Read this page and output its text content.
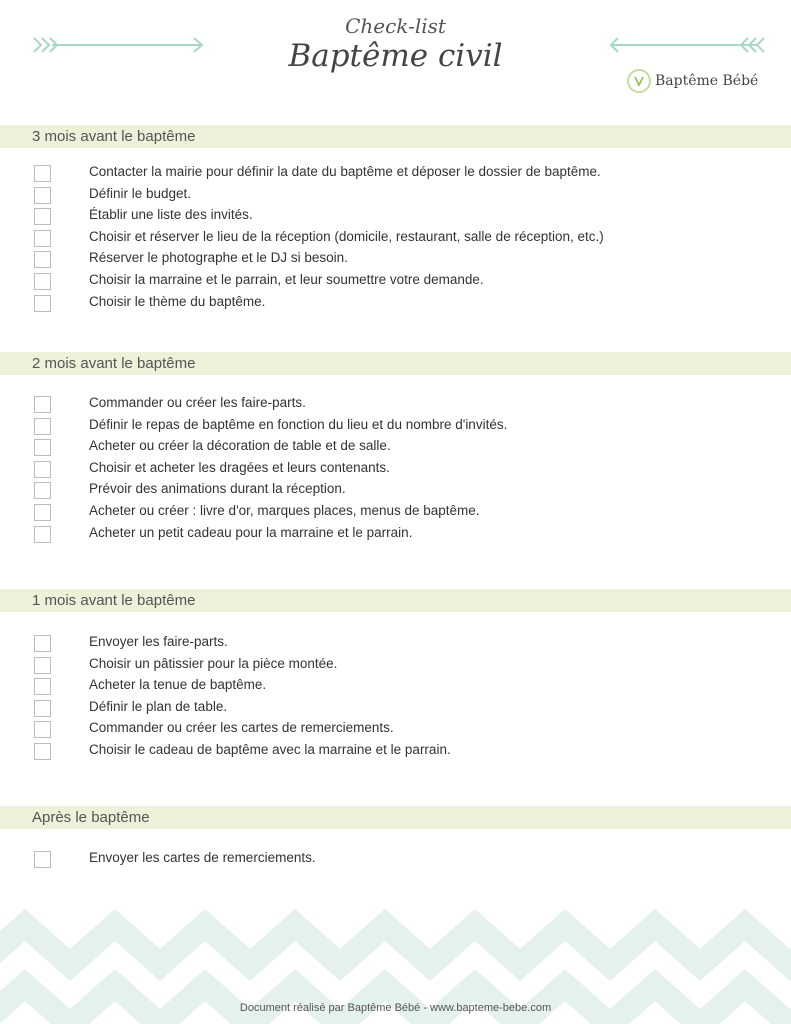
Check-list
Baptême civil
Baptême Bébé
3 mois avant le baptême
Contacter la mairie pour définir la date du baptême et déposer le dossier de baptême.
Définir le budget.
Établir une liste des invités.
Choisir et réserver le lieu de la réception (domicile, restaurant, salle de réception, etc.)
Réserver le photographe et le DJ si besoin.
Choisir la marraine et le parrain, et leur soumettre votre demande.
Choisir le thème du baptême.
2 mois avant le baptême
Commander ou créer les faire-parts.
Définir le repas de baptême en fonction du lieu et du nombre d'invités.
Acheter ou créer la décoration de table et de salle.
Choisir et acheter les dragées et leurs contenants.
Prévoir des animations durant la réception.
Acheter ou créer : livre d'or, marques places, menus de baptême.
Acheter un petit cadeau pour la marraine et le parrain.
1 mois avant le baptême
Envoyer les faire-parts.
Choisir un pâtissier pour la pièce montée.
Acheter la tenue de baptême.
Définir le plan de table.
Commander ou créer les cartes de remerciements.
Choisir le cadeau de baptême avec la marraine et le parrain.
Après le baptême
Envoyer les cartes de remerciements.
Document réalisé par Baptême Bébé - www.bapteme-bebe.com
